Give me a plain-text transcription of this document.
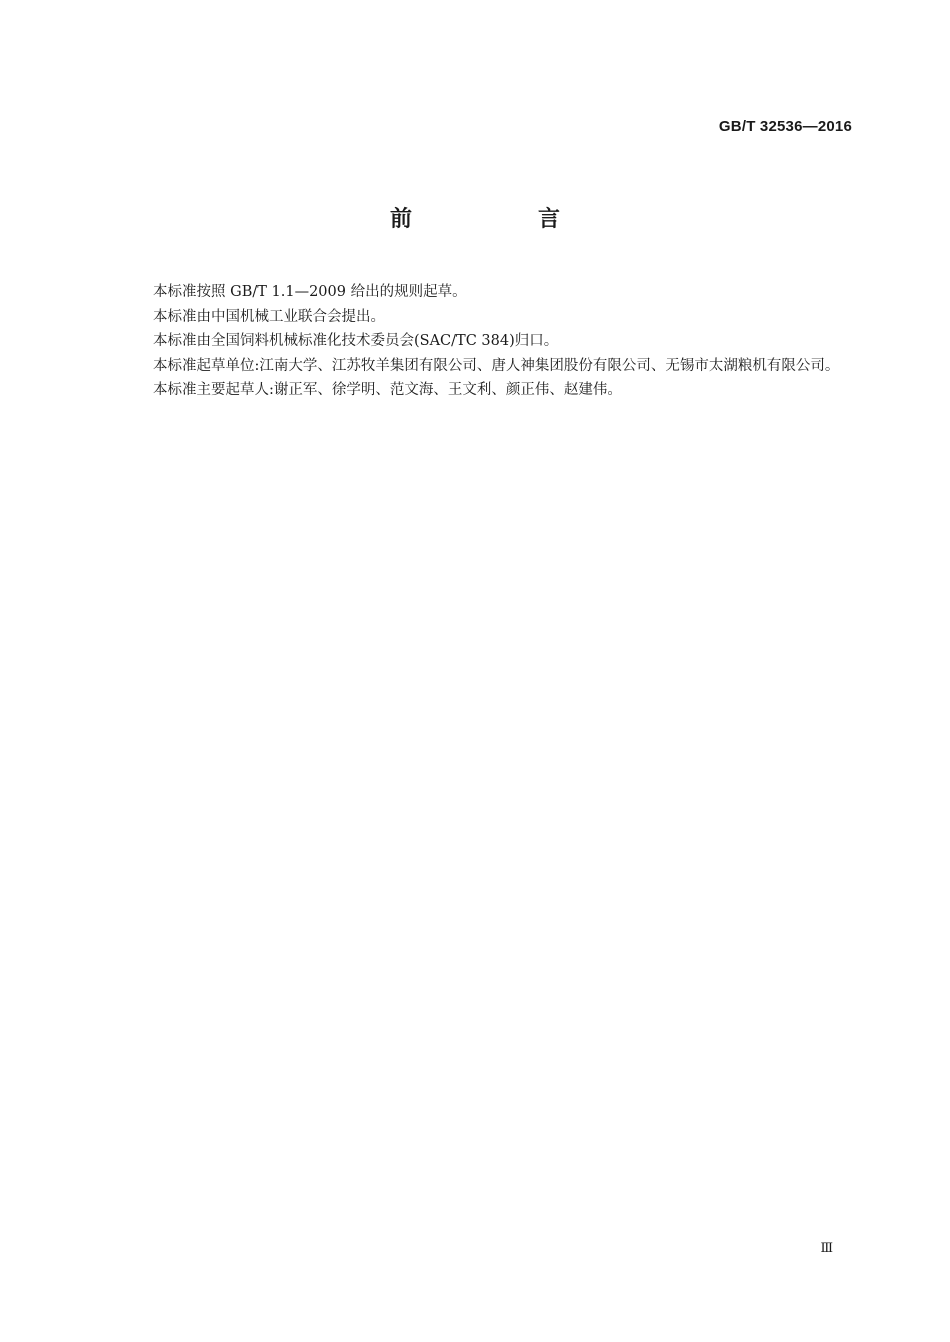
GB/T 32536—2016
前　言

本标准按照 GB/T 1.1—2009 给出的规则起草。

本标准由中国机械工业联合会提出。

本标准由全国饲料机械标准化技术委员会(SAC/TC 384)归口。

本标准起草单位:江南大学、江苏牧羊集团有限公司、唐人神集团股份有限公司、无锡市太湖粮机有限公司。

本标准主要起草人:谢正军、徐学明、范文海、王文利、颜正伟、赵建伟。

Ⅲ
